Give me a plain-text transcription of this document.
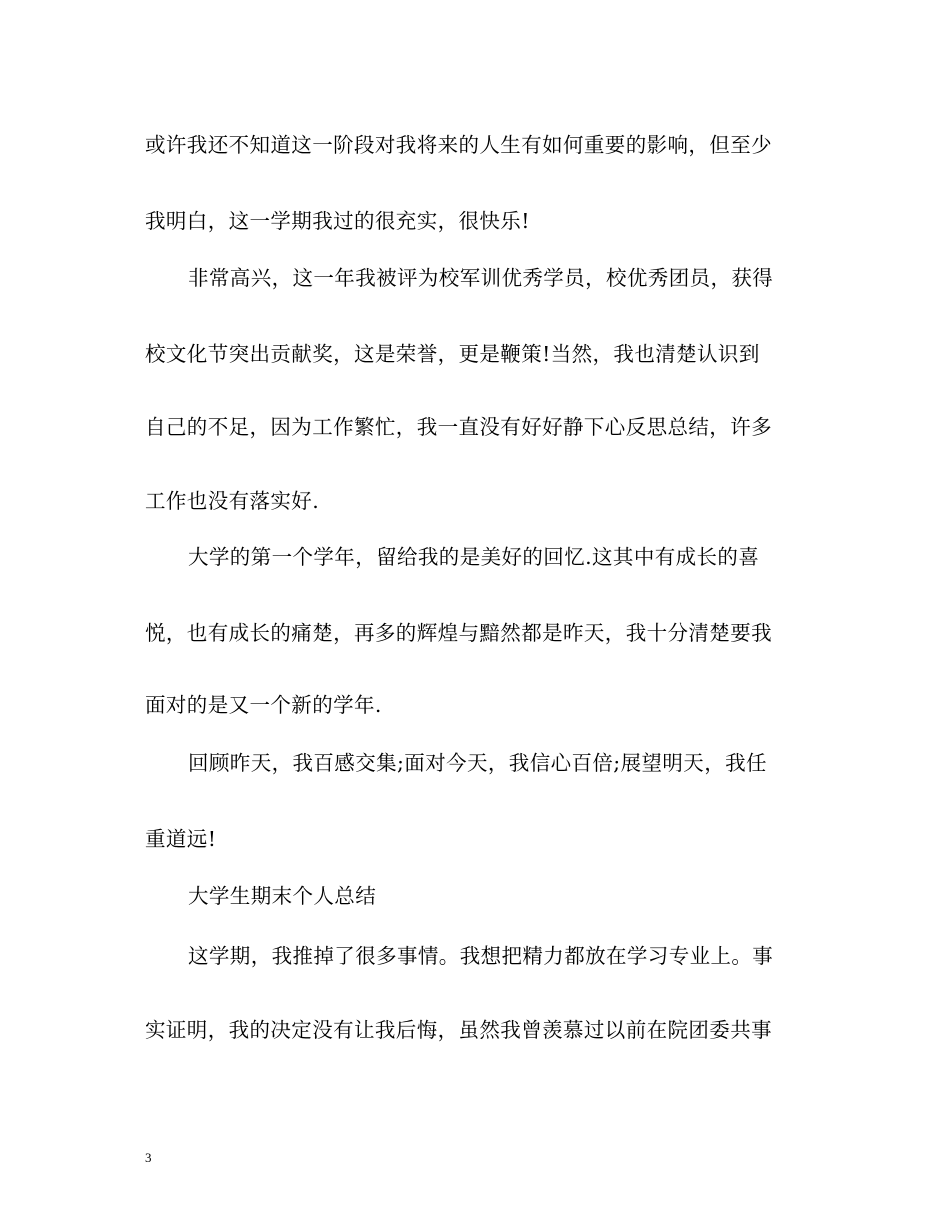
或许我还不知道这一阶段对我将来的人生有如何重要的影响，但至少
我明白，这一学期我过的很充实，很快乐!
非常高兴，这一年我被评为校军训优秀学员，校优秀团员，获得
校文化节突出贡献奖，这是荣誉，更是鞭策!当然，我也清楚认识到
自己的不足，因为工作繁忙，我一直没有好好静下心反思总结，许多
工作也没有落实好.
大学的第一个学年，留给我的是美好的回忆.这其中有成长的喜
悦，也有成长的痛楚，再多的辉煌与黯然都是昨天，我十分清楚要我
面对的是又一个新的学年.
回顾昨天，我百感交集;面对今天，我信心百倍;展望明天，我任
重道远!
大学生期末个人总结
这学期，我推掉了很多事情。我想把精力都放在学习专业上。事
实证明，我的决定没有让我后悔，虽然我曾羡慕过以前在院团委共事
3
